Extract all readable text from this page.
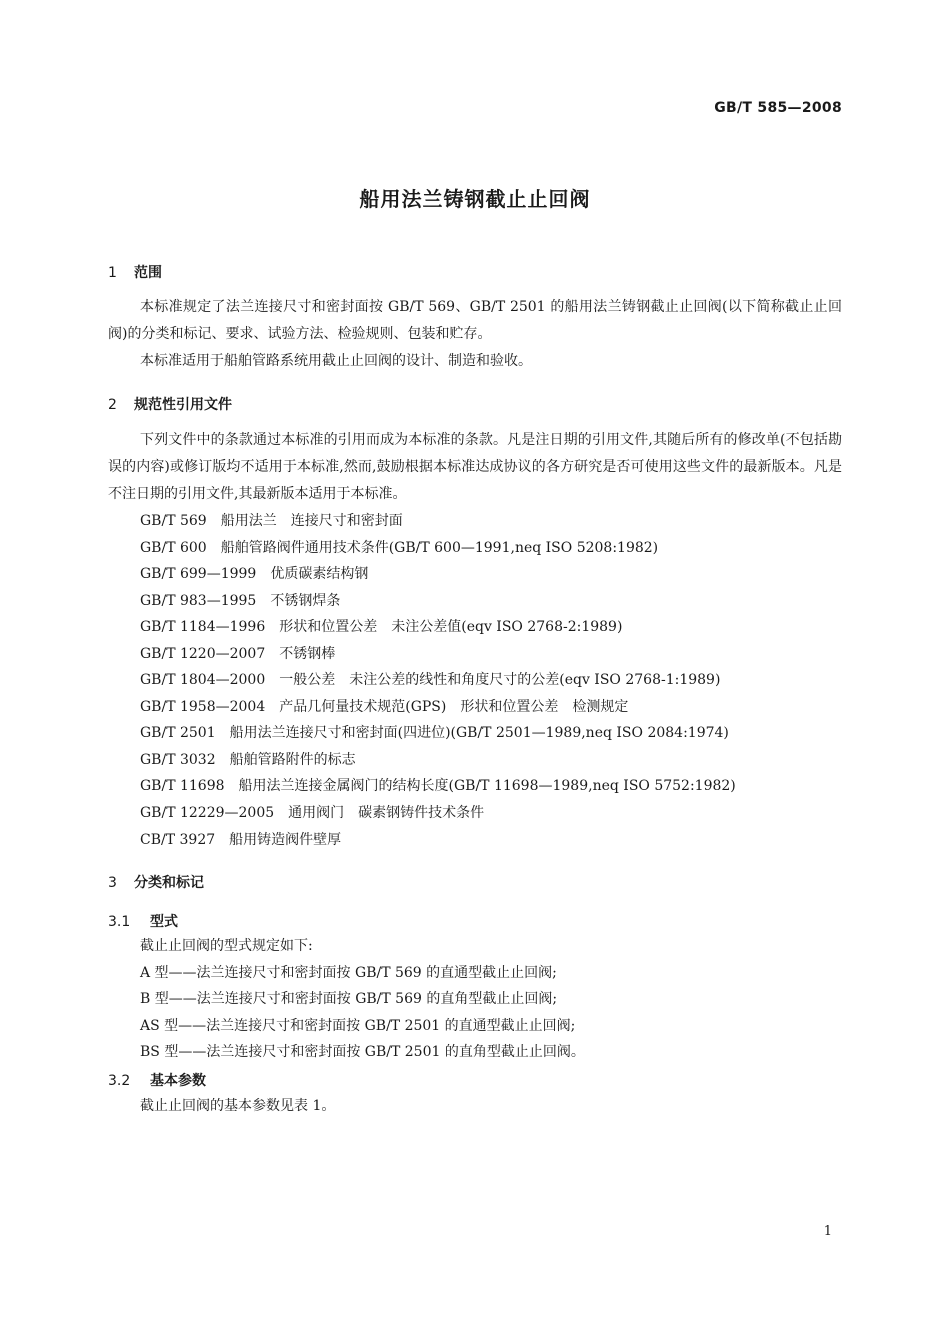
GB/T 585—2008
船用法兰铸钢截止止回阀
1 范围

本标准规定了法兰连接尺寸和密封面按 GB/T 569、GB/T 2501 的船用法兰铸钢截止止回阀(以下简称截止止回阀)的分类和标记、要求、试验方法、检验规则、包装和贮存。

本标准适用于船舶管路系统用截止止回阀的设计、制造和验收。

2 规范性引用文件

下列文件中的条款通过本标准的引用而成为本标准的条款。凡是注日期的引用文件,其随后所有的修改单(不包括勘误的内容)或修订版均不适用于本标准,然而,鼓励根据本标准达成协议的各方研究是否可使用这些文件的最新版本。凡是不注日期的引用文件,其最新版本适用于本标准。

GB/T 569 船用法兰　连接尺寸和密封面
GB/T 600 船舶管路阀件通用技术条件(GB/T 600—1991,neq ISO 5208:1982)
GB/T 699—1999 优质碳素结构钢
GB/T 983—1995 不锈钢焊条
GB/T 1184—1996 形状和位置公差　未注公差值(eqv ISO 2768-2:1989)
GB/T 1220—2007 不锈钢棒
GB/T 1804—2000 一般公差　未注公差的线性和角度尺寸的公差(eqv ISO 2768-1:1989)
GB/T 1958—2004 产品几何量技术规范(GPS)　形状和位置公差　检测规定
GB/T 2501 船用法兰连接尺寸和密封面(四进位)(GB/T 2501—1989,neq ISO 2084:1974)
GB/T 3032 船舶管路附件的标志
GB/T 11698 船用法兰连接金属阀门的结构长度(GB/T 11698—1989,neq ISO 5752:1982)
GB/T 12229—2005 通用阀门　碳素钢铸件技术条件
CB/T 3927 船用铸造阀件壁厚
3 分类和标记
3.1 型式

截止止回阀的型式规定如下:

A 型——法兰连接尺寸和密封面按 GB/T 569 的直通型截止止回阀;

B 型——法兰连接尺寸和密封面按 GB/T 569 的直角型截止止回阀;

AS 型——法兰连接尺寸和密封面按 GB/T 2501 的直通型截止止回阀;

BS 型——法兰连接尺寸和密封面按 GB/T 2501 的直角型截止止回阀。

3.2 基本参数

截止止回阀的基本参数见表 1。

1
